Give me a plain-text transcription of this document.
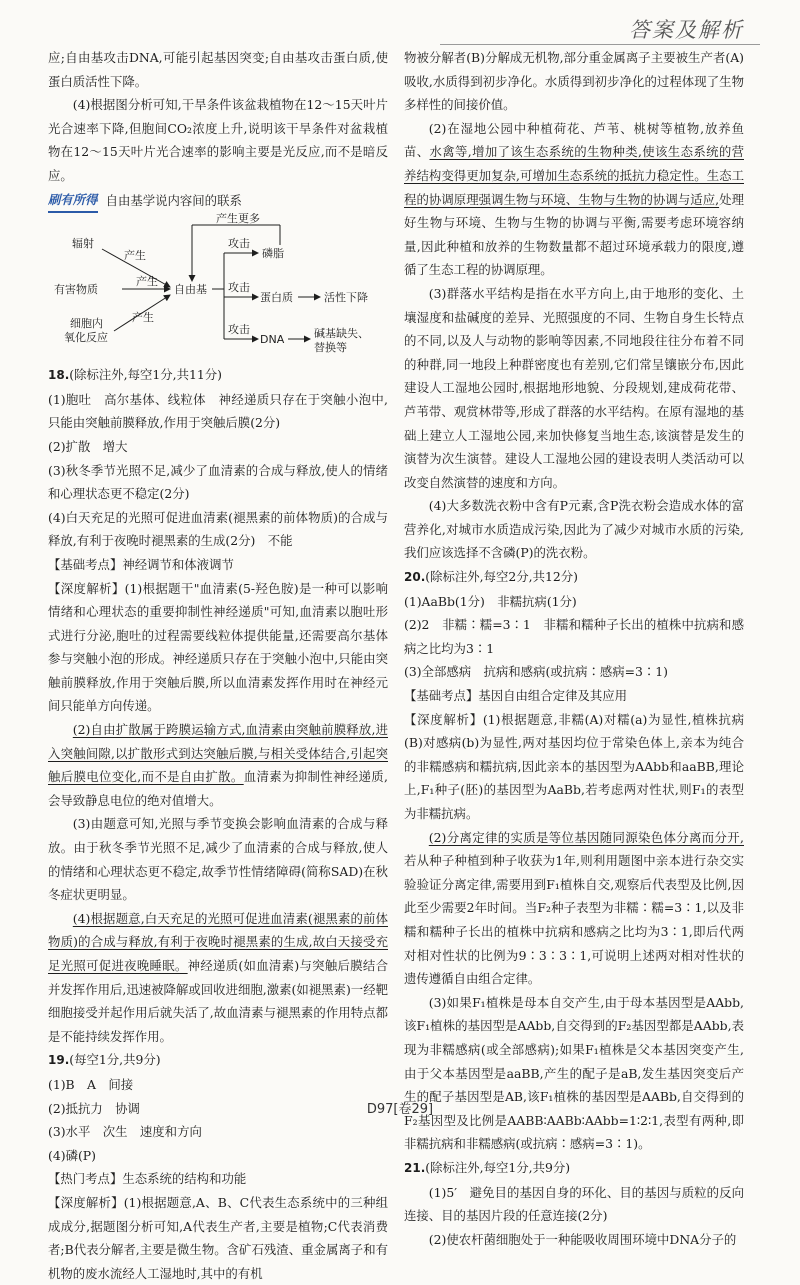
答案及解析

应;自由基攻击DNA,可能引起基因突变;自由基攻击蛋白质,使蛋白质活性下降。

(4)根据图分析可知,干旱条件该盆栽植物在12～15天叶片光合速率下降,但胞间CO₂浓度上升,说明该干旱条件对盆栽植物在12～15天叶片光合速率的影响主要是光反应,而不是暗反应。

刷有所得 自由基学说内容间的联系
辐射
产生
有害物质
产生
细胞内
氧化反应
产生
自由基
产生更多
攻击
磷脂
攻击
蛋白质	活性下降
攻击
DNA	碱基缺失、
替换等

18.(除标注外,每空1分,共11分)

(1)胞吐　高尔基体、线粒体　神经递质只存在于突触小泡中,只能由突触前膜释放,作用于突触后膜(2分)

(2)扩散　增大

(3)秋冬季节光照不足,减少了血清素的合成与释放,使人的情绪和心理状态更不稳定(2分)

(4)白天充足的光照可促进血清素(褪黑素的前体物质)的合成与释放,有利于夜晚时褪黑素的生成(2分)　不能

【基础考点】神经调节和体液调节

【深度解析】(1)根据题干"血清素(5-羟色胺)是一种可以影响情绪和心理状态的重要抑制性神经递质"可知,血清素以胞吐形式进行分泌,胞吐的过程需要线粒体提供能量,还需要高尔基体参与突触小泡的形成。神经递质只存在于突触小泡中,只能由突触前膜释放,作用于突触后膜,所以血清素发挥作用时在神经元间只能单方向传递。

(2)自由扩散属于跨膜运输方式,血清素由突触前膜释放,进入突触间隙,以扩散形式到达突触后膜,与相关受体结合,引起突触后膜电位变化,而不是自由扩散。血清素为抑制性神经递质,会导致静息电位的绝对值增大。

(3)由题意可知,光照与季节变换会影响血清素的合成与释放。由于秋冬季节光照不足,减少了血清素的合成与释放,使人的情绪和心理状态更不稳定,故季节性情绪障碍(简称SAD)在秋冬症状更明显。

(4)根据题意,白天充足的光照可促进血清素(褪黑素的前体物质)的合成与释放,有利于夜晚时褪黑素的生成,故白天接受充足光照可促进夜晚睡眠。神经递质(如血清素)与突触后膜结合并发挥作用后,迅速被降解或回收进细胞,激素(如褪黑素)一经靶细胞接受并起作用后就失活了,故血清素与褪黑素的作用特点都是不能持续发挥作用。

19.(每空1分,共9分)

(1)B　A　间接

(2)抵抗力　协调

(3)水平　次生　速度和方向

(4)磷(P)

【热门考点】生态系统的结构和功能

【深度解析】(1)根据题意,A、B、C代表生态系统中的三种组成成分,据题图分析可知,A代表生产者,主要是植物;C代表消费者;B代表分解者,主要是微生物。含矿石残渣、重金属离子和有机物的废水流经人工湿地时,其中的有机

物被分解者(B)分解成无机物,部分重金属离子主要被生产者(A)吸收,水质得到初步净化。水质得到初步净化的过程体现了生物多样性的间接价值。

(2)在湿地公园中种植荷花、芦苇、桃树等植物,放养鱼苗、水禽等,增加了该生态系统的生物种类,使该生态系统的营养结构变得更加复杂,可增加生态系统的抵抗力稳定性。生态工程的协调原理强调生物与环境、生物与生物的协调与适应,处理好生物与环境、生物与生物的协调与平衡,需要考虑环境容纳量,因此种植和放养的生物数量都不超过环境承载力的限度,遵循了生态工程的协调原理。

(3)群落水平结构是指在水平方向上,由于地形的变化、土壤湿度和盐碱度的差异、光照强度的不同、生物自身生长特点的不同,以及人与动物的影响等因素,不同地段往往分布着不同的种群,同一地段上种群密度也有差别,它们常呈镶嵌分布,因此建设人工湿地公园时,根据地形地貌、分段规划,建成荷花带、芦苇带、观赏林带等,形成了群落的水平结构。在原有湿地的基础上建立人工湿地公园,来加快修复当地生态,该演替是发生的演替为次生演替。建设人工湿地公园的建设表明人类活动可以改变自然演替的速度和方向。

(4)大多数洗衣粉中含有P元素,含P洗衣粉会造成水体的富营养化,对城市水质造成污染,因此为了减少对城市水质的污染,我们应该选择不含磷(P)的洗衣粉。

20.(除标注外,每空2分,共12分)

(1)AaBb(1分)　非糯抗病(1分)

(2)2　非糯∶糯=3∶1　非糯和糯种子长出的植株中抗病和感病之比均为3∶1

(3)全部感病　抗病和感病(或抗病∶感病=3∶1)

【基础考点】基因自由组合定律及其应用

【深度解析】(1)根据题意,非糯(A)对糯(a)为显性,植株抗病(B)对感病(b)为显性,两对基因均位于常染色体上,亲本为纯合的非糯感病和糯抗病,因此亲本的基因型为AAbb和aaBB,理论上,F₁种子(胚)的基因型为AaBb,若考虑两对性状,则F₁的表型为非糯抗病。

(2)分离定律的实质是等位基因随同源染色体分离而分开,若从种子种植到种子收获为1年,则利用题图中亲本进行杂交实验验证分离定律,需要用到F₁植株自交,观察后代表型及比例,因此至少需要2年时间。当F₂种子表型为非糯∶糯=3∶1,以及非糯和糯种子长出的植株中抗病和感病之比均为3∶1,即后代两对相对性状的比例为9∶3∶3∶1,可说明上述两对相对性状的遗传遵循自由组合定律。

(3)如果F₁植株是母本自交产生,由于母本基因型是AAbb,该F₁植株的基因型是AAbb,自交得到的F₂基因型都是AAbb,表现为非糯感病(或全部感病);如果F₁植株是父本基因突变产生,由于父本基因型是aaBB,产生的配子是aB,发生基因突变后产生的配子基因型是AB,该F₁植株的基因型是AABb,自交得到的F₂基因型及比例是AABB∶AABb∶AAbb=1∶2∶1,表型有两种,即非糯抗病和非糯感病(或抗病∶感病=3∶1)。

21.(除标注外,每空1分,共9分)

(1)5′　避免目的基因自身的环化、目的基因与质粒的反向连接、目的基因片段的任意连接(2分)

(2)使农杆菌细胞处于一种能吸收周围环境中DNA分子的

D97[卷29]
